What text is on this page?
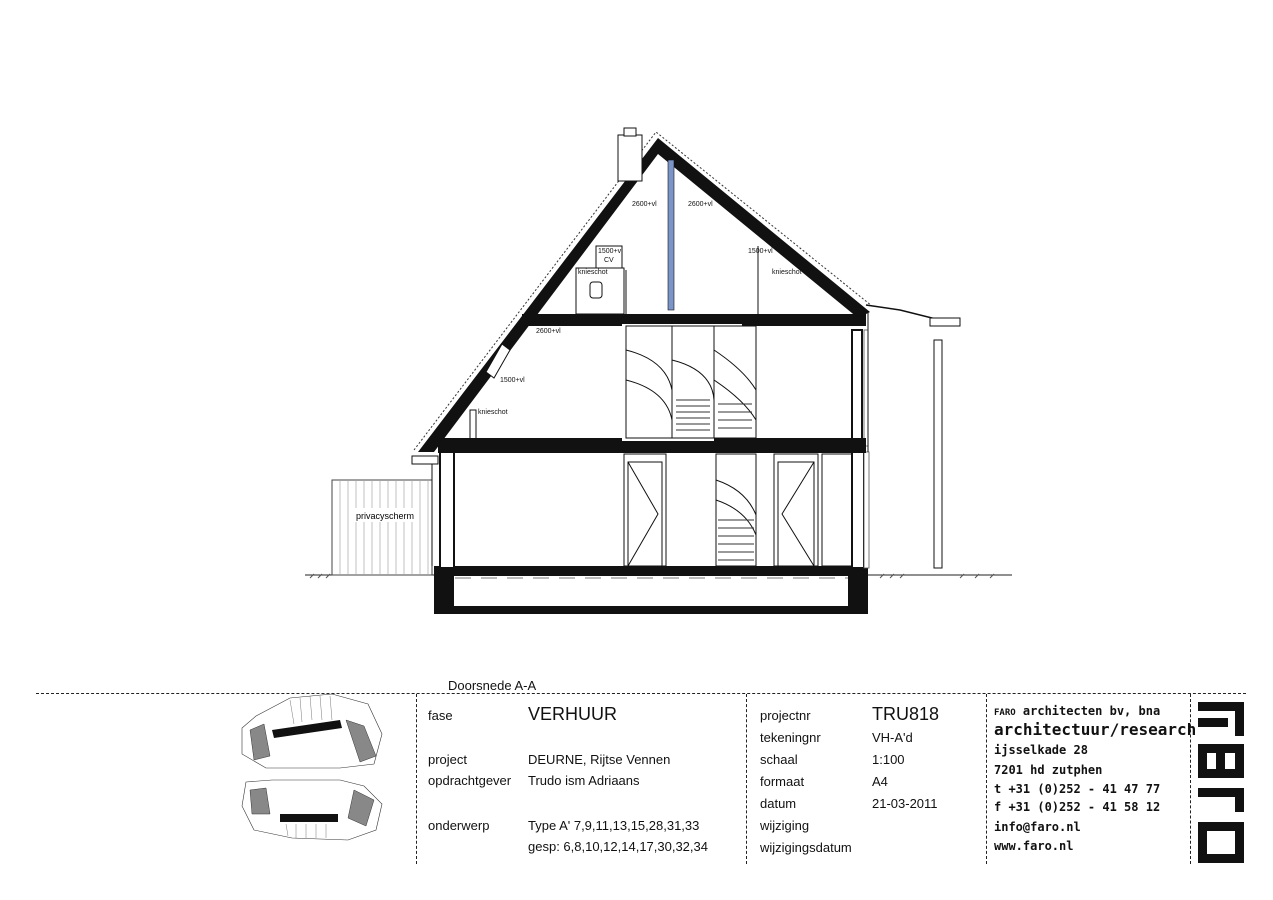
privacyscherm
2600+vl	2600+vl
1500+vl
CV
1500+vl
knieschot	knieschot
2600+vl
1500+vl
knieschot
Doorsnede A-A
fase	VERHUUR
project	DEURNE, Rijtse Vennen
opdrachtgever Trudo ism Adriaans
onderwerp	Type A' 7,9,11,13,15,28,31,33
gesp: 6,8,10,12,14,17,30,32,34
projectnr	TRU818
tekeningnr	VH-A'd
schaal	1:100
formaat	A4
datum	21-03-2011
wijziging
wijzigingsdatum
FARO architecten bv, bna
architectuur/research
ijsselkade 28
7201 hd zutphen
t +31 (0)252 - 41 47 77
f +31 (0)252 - 41 58 12
info@faro.nl
www.faro.nl
